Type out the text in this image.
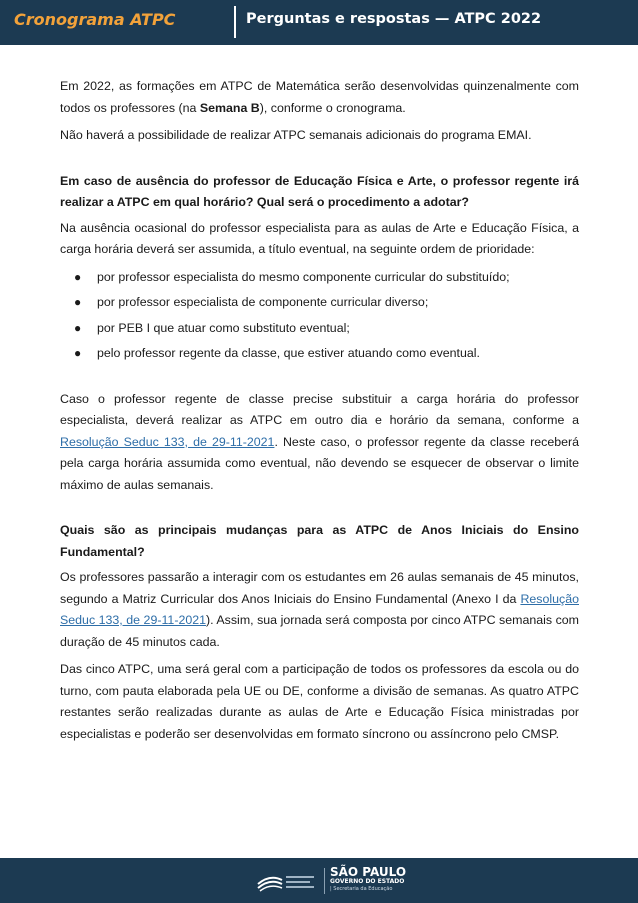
Cronograma ATPC	Perguntas e respostas — ATPC 2022

Em 2022, as formações em ATPC de Matemática serão desenvolvidas quinzenalmente com todos os professores (na Semana B), conforme o cronograma.

Não haverá a possibilidade de realizar ATPC semanais adicionais do programa EMAI.

Em caso de ausência do professor de Educação Física e Arte, o professor regente irá realizar a ATPC em qual horário? Qual será o procedimento a adotar?

Na ausência ocasional do professor especialista para as aulas de Arte e Educação Física, a carga horária deverá ser assumida, a título eventual, na seguinte ordem de prioridade:

● por professor especialista do mesmo componente curricular do substituído;
● por professor especialista de componente curricular diverso;
● por PEB I que atuar como substituto eventual;
● pelo professor regente da classe, que estiver atuando como eventual.

Caso o professor regente de classe precise substituir a carga horária do professor especialista, deverá realizar as ATPC em outro dia e horário da semana, conforme a Resolução Seduc 133, de 29-11-2021. Neste caso, o professor regente da classe receberá pela carga horária assumida como eventual, não devendo se esquecer de observar o limite máximo de aulas semanais.

Quais são as principais mudanças para as ATPC de Anos Iniciais do Ensino Fundamental?

Os professores passarão a interagir com os estudantes em 26 aulas semanais de 45 minutos, segundo a Matriz Curricular dos Anos Iniciais do Ensino Fundamental (Anexo I da Resolução Seduc 133, de 29-11-2021). Assim, sua jornada será composta por cinco ATPC semanais com duração de 45 minutos cada.

Das cinco ATPC, uma será geral com a participação de todos os professores da escola ou do turno, com pauta elaborada pela UE ou DE, conforme a divisão de semanas. As quatro ATPC restantes serão realizadas durante as aulas de Arte e Educação Física ministradas por especialistas e poderão ser desenvolvidas em formato síncrono ou assíncrono pelo CMSP.

SÃO PAULO
GOVERNO DO ESTADO
| Secretaria da Educação
